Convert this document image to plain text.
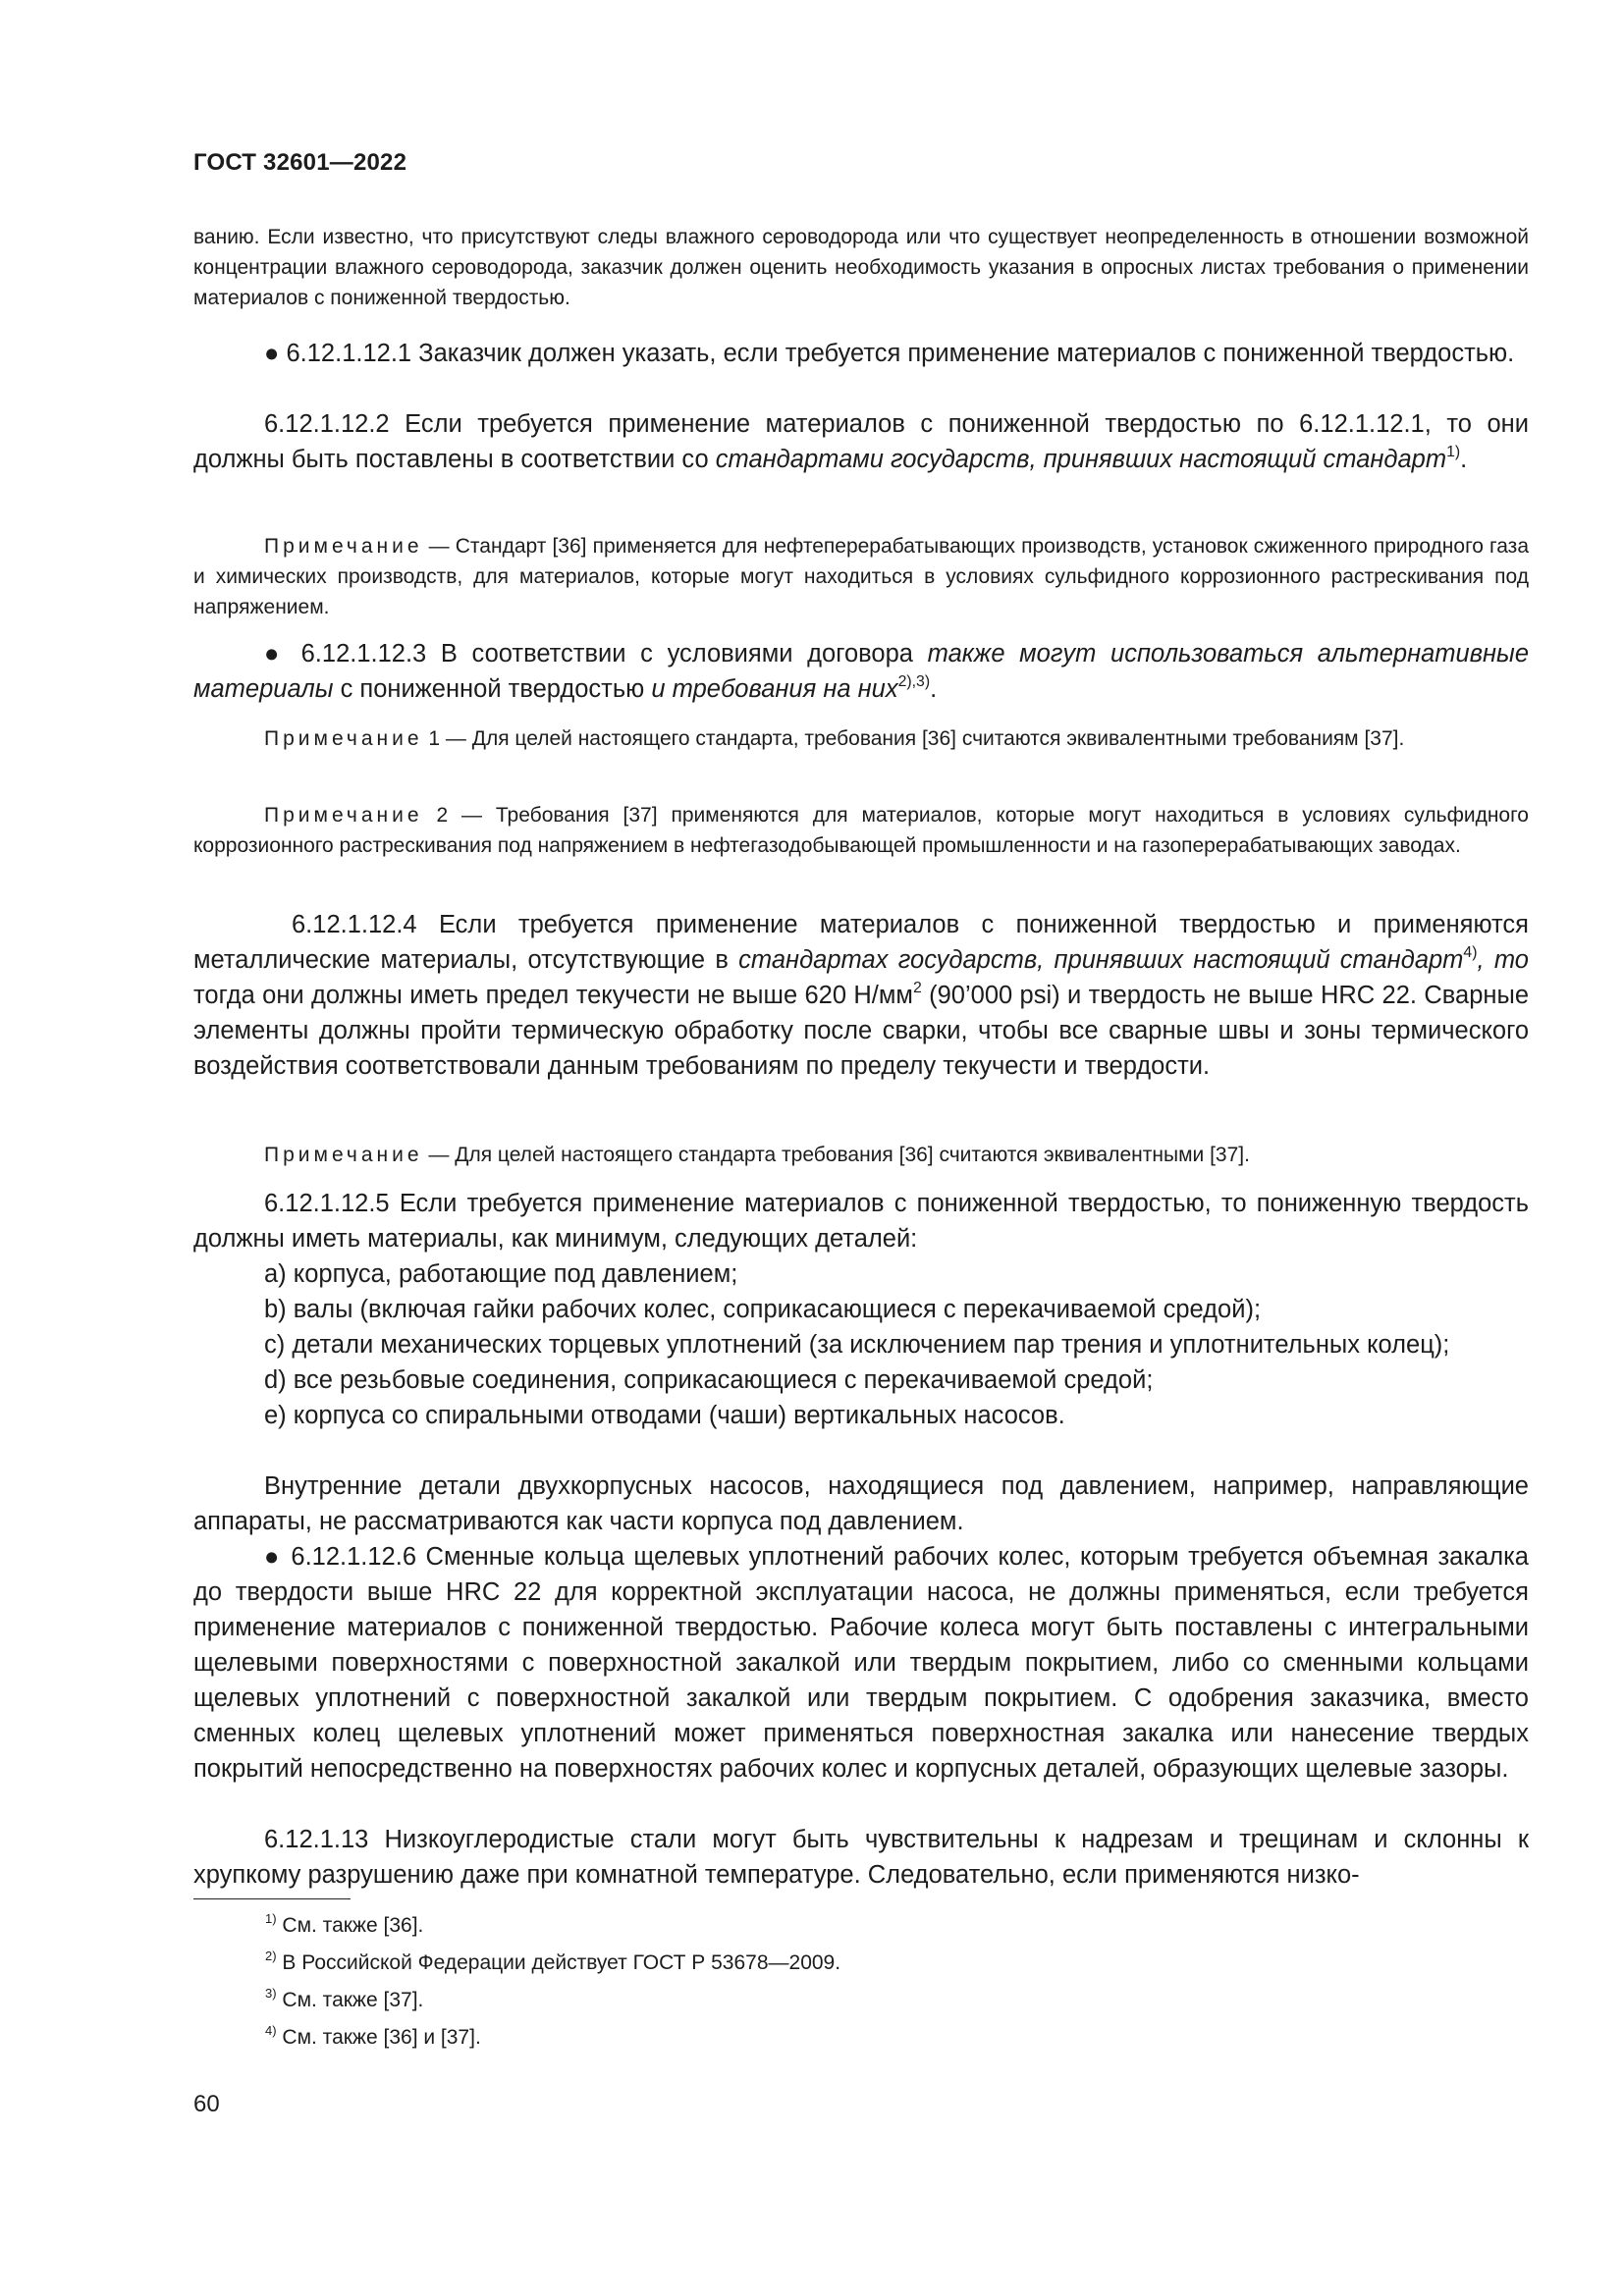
ГОСТ 32601—2022

ванию. Если известно, что присутствуют следы влажного сероводорода или что существует неопределенность в отношении возможной концентрации влажного сероводорода, заказчик должен оценить необходимость указания в опросных листах требования о применении материалов с пониженной твердостью.

● 6.12.1.12.1 Заказчик должен указать, если требуется применение материалов с пониженной твердостью.

6.12.1.12.2 Если требуется применение материалов с пониженной твердостью по 6.12.1.12.1, то они должны быть поставлены в соответствии со стандартами государств, принявших настоящий стандарт$^{1)}$.

Примечание — Стандарт [36] применяется для нефтеперерабатывающих производств, установок сжиженного природного газа и химических производств, для материалов, которые могут находиться в условиях сульфидного коррозионного растрескивания под напряжением.

● 6.12.1.12.3 В соответствии с условиями договора также могут использоваться альтернативные материалы с пониженной твердостью и требования на них$^{2),3)}$.

Примечание 1 — Для целей настоящего стандарта, требования [36] считаются эквивалентными требованиям [37].

Примечание 2 — Требования [37] применяются для материалов, которые могут находиться в условиях сульфидного коррозионного растрескивания под напряжением в нефтегазодобывающей промышленности и на газоперерабатывающих заводах.

6.12.1.12.4 Если требуется применение материалов с пониженной твердостью и применяются металлические материалы, отсутствующие в стандартах государств, принявших настоящий стандарт$^{4)}$, то тогда они должны иметь предел текучести не выше 620 $Н/мм^2$ (90’000 psi) и твердость не выше HRC 22. Сварные элементы должны пройти термическую обработку после сварки, чтобы все сварные швы и зоны термического воздействия соответствовали данным требованиям по пределу текучести и твердости.

Примечание — Для целей настоящего стандарта требования [36] считаются эквивалентными [37].

6.12.1.12.5 Если требуется применение материалов с пониженной твердостью, то пониженную твердость должны иметь материалы, как минимум, следующих деталей:

a) корпуса, работающие под давлением;
b) валы (включая гайки рабочих колес, соприкасающиеся с перекачиваемой средой);
c) детали механических торцевых уплотнений (за исключением пар трения и уплотнительных колец);
d) все резьбовые соединения, соприкасающиеся с перекачиваемой средой;
e) корпуса со спиральными отводами (чаши) вертикальных насосов.

Внутренние детали двухкорпусных насосов, находящиеся под давлением, например, направляющие аппараты, не рассматриваются как части корпуса под давлением.

● 6.12.1.12.6 Сменные кольца щелевых уплотнений рабочих колес, которым требуется объемная закалка до твердости выше HRC 22 для корректной эксплуатации насоса, не должны применяться, если требуется применение материалов с пониженной твердостью. Рабочие колеса могут быть поставлены с интегральными щелевыми поверхностями с поверхностной закалкой или твердым покрытием, либо со сменными кольцами щелевых уплотнений с поверхностной закалкой или твердым покрытием. С одобрения заказчика, вместо сменных колец щелевых уплотнений может применяться поверхностная закалка или нанесение твердых покрытий непосредственно на поверхностях рабочих колес и корпусных деталей, образующих щелевые зазоры.

6.12.1.13 Низкоуглеродистые стали могут быть чувствительны к надрезам и трещинам и склонны к хрупкому разрушению даже при комнатной температуре. Следовательно, если применяются низко-

$^{1)}$ См. также [36].
$^{2)}$ В Российской Федерации действует ГОСТ Р 53678—2009.
$^{3)}$ См. также [37].
$^{4)}$ См. также [36] и [37].
60
